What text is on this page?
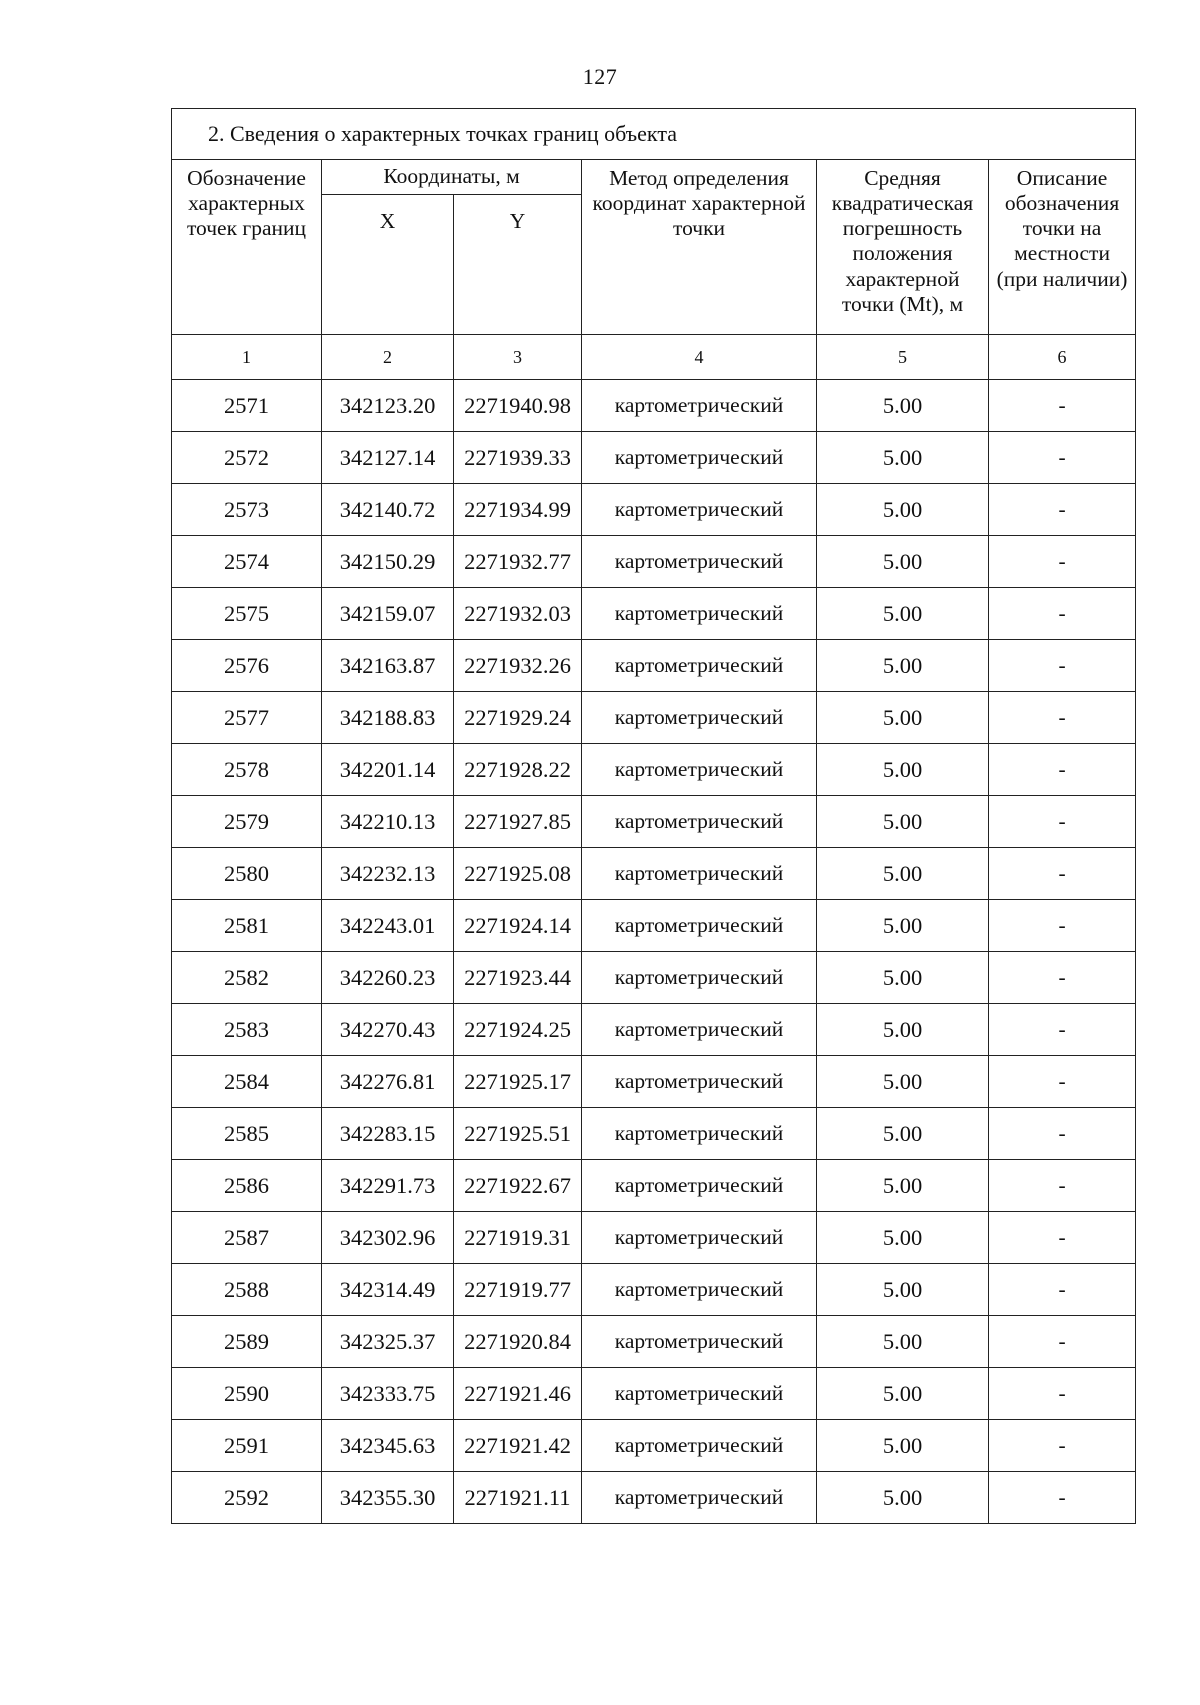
127
2. Сведения о характерных точках границ объекта					
Обозначение характерных точек границ	Координаты, м		Метод определения координат характерной точки	Средняя квадратическая погрешность положения характерной точки (Mt), м	Описание обозначения точки на местности (при наличии)
	X	Y			
1	2	3	4	5	6
2571	342123.20	2271940.98	картометрический	5.00	-
2572	342127.14	2271939.33	картометрический	5.00	-
2573	342140.72	2271934.99	картометрический	5.00	-
2574	342150.29	2271932.77	картометрический	5.00	-
2575	342159.07	2271932.03	картометрический	5.00	-
2576	342163.87	2271932.26	картометрический	5.00	-
2577	342188.83	2271929.24	картометрический	5.00	-
2578	342201.14	2271928.22	картометрический	5.00	-
2579	342210.13	2271927.85	картометрический	5.00	-
2580	342232.13	2271925.08	картометрический	5.00	-
2581	342243.01	2271924.14	картометрический	5.00	-
2582	342260.23	2271923.44	картометрический	5.00	-
2583	342270.43	2271924.25	картометрический	5.00	-
2584	342276.81	2271925.17	картометрический	5.00	-
2585	342283.15	2271925.51	картометрический	5.00	-
2586	342291.73	2271922.67	картометрический	5.00	-
2587	342302.96	2271919.31	картометрический	5.00	-
2588	342314.49	2271919.77	картометрический	5.00	-
2589	342325.37	2271920.84	картометрический	5.00	-
2590	342333.75	2271921.46	картометрический	5.00	-
2591	342345.63	2271921.42	картометрический	5.00	-
2592	342355.30	2271921.11	картометрический	5.00	-
